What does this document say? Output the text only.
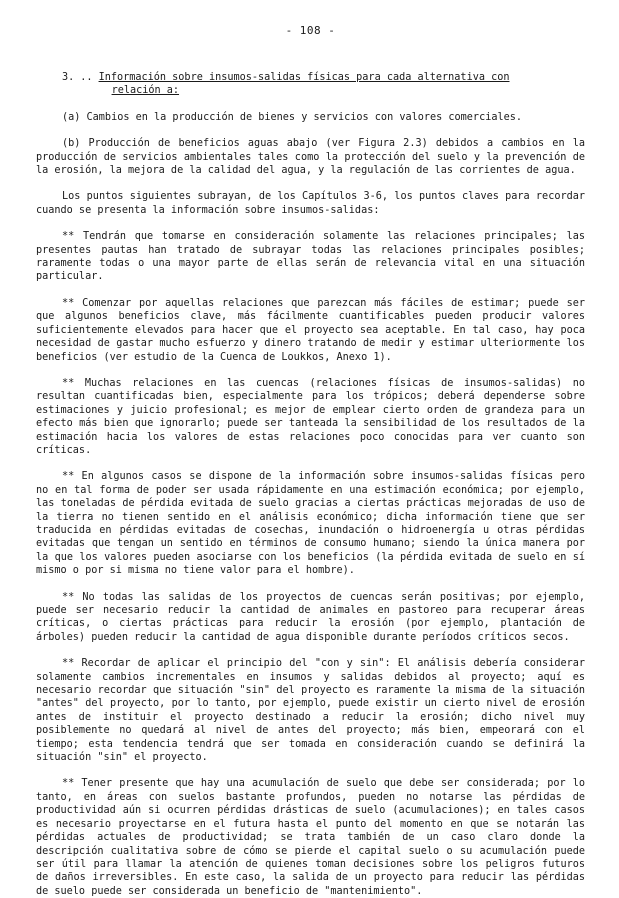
- 108 -
3. .. Información sobre insumos-salidas físicas para cada alternativa con
relación a:

(a) Cambios en la producción de bienes y servicios con valores comerciales.

(b) Producción de beneficios aguas abajo (ver Figura 2.3) debidos a cambios en la producción de servicios ambientales tales como la protección del suelo y la prevención de la erosión, la mejora de la calidad del agua, y la regulación de las corrientes de agua.

Los puntos siguientes subrayan, de los Capítulos 3-6, los puntos claves para recordar cuando se presenta la información sobre insumos-salidas:

** Tendrán que tomarse en consideración solamente las relaciones principales; las presentes pautas han tratado de subrayar todas las relaciones principales posibles; raramente todas o una mayor parte de ellas serán de relevancia vital en una situación particular.

** Comenzar por aquellas relaciones que parezcan más fáciles de estimar; puede ser que algunos beneficios clave, más fácilmente cuantificables pueden producir valores suficientemente elevados para hacer que el proyecto sea aceptable. En tal caso, hay poca necesidad de gastar mucho esfuerzo y dinero tratando de medir y estimar ulteriormente los beneficios (ver estudio de la Cuenca de Loukkos, Anexo 1).

** Muchas relaciones en las cuencas (relaciones físicas de insumos-salidas) no resultan cuantificadas bien, especialmente para los trópicos; deberá dependerse sobre estimaciones y juicio profesional; es mejor de emplear cierto orden de grandeza para un efecto más bien que ignorarlo; puede ser tanteada la sensibilidad de los resultados de la estimación hacia los valores de estas relaciones poco conocidas para ver cuanto son críticas.

** En algunos casos se dispone de la información sobre insumos-salidas físicas pero no en tal forma de poder ser usada rápidamente en una estimación económica; por ejemplo, las toneladas de pérdida evitada de suelo gracias a ciertas prácticas mejoradas de uso de la tierra no tienen sentido en el análisis económico; dicha información tiene que ser traducida en pérdidas evitadas de cosechas, inundación o hidroenergía u otras pérdidas evitadas que tengan un sentido en términos de consumo humano; siendo la única manera por la que los valores pueden asociarse con los beneficios (la pérdida evitada de suelo en sí mismo o por si misma no tiene valor para el hombre).

** No todas las salidas de los proyectos de cuencas serán positivas; por ejemplo, puede ser necesario reducir la cantidad de animales en pastoreo para recuperar áreas críticas, o ciertas prácticas para reducir la erosión (por ejemplo, plantación de árboles) pueden reducir la cantidad de agua disponible durante períodos críticos secos.

** Recordar de aplicar el principio del "con y sin": El análisis debería considerar solamente cambios incrementales en insumos y salidas debidos al proyecto; aquí es necesario recordar que situación "sin" del proyecto es raramente la misma de la situación "antes" del proyecto, por lo tanto, por ejemplo, puede existir un cierto nivel de erosión antes de instituir el proyecto destinado a reducir la erosión; dicho nivel muy posiblemente no quedará al nivel de antes del proyecto; más bien, empeorará con el tiempo; esta tendencia tendrá que ser tomada en consideración cuando se definirá la situación "sin" el proyecto.

** Tener presente que hay una acumulación de suelo que debe ser considerada; por lo tanto, en áreas con suelos bastante profundos, pueden no notarse las pérdidas de productividad aún si ocurren pérdidas drásticas de suelo (acumulaciones); en tales casos es necesario proyectarse en el futura hasta el punto del momento en que se notarán las pérdidas actuales de productividad; se trata también de un caso claro donde la descripción cualitativa sobre de cómo se pierde el capital suelo o su acumulación puede ser útil para llamar la atención de quienes toman decisiones sobre los peligros futuros de daños irreversibles. En este caso, la salida de un proyecto para reducir las pérdidas de suelo puede ser considerada un beneficio de "mantenimiento".
